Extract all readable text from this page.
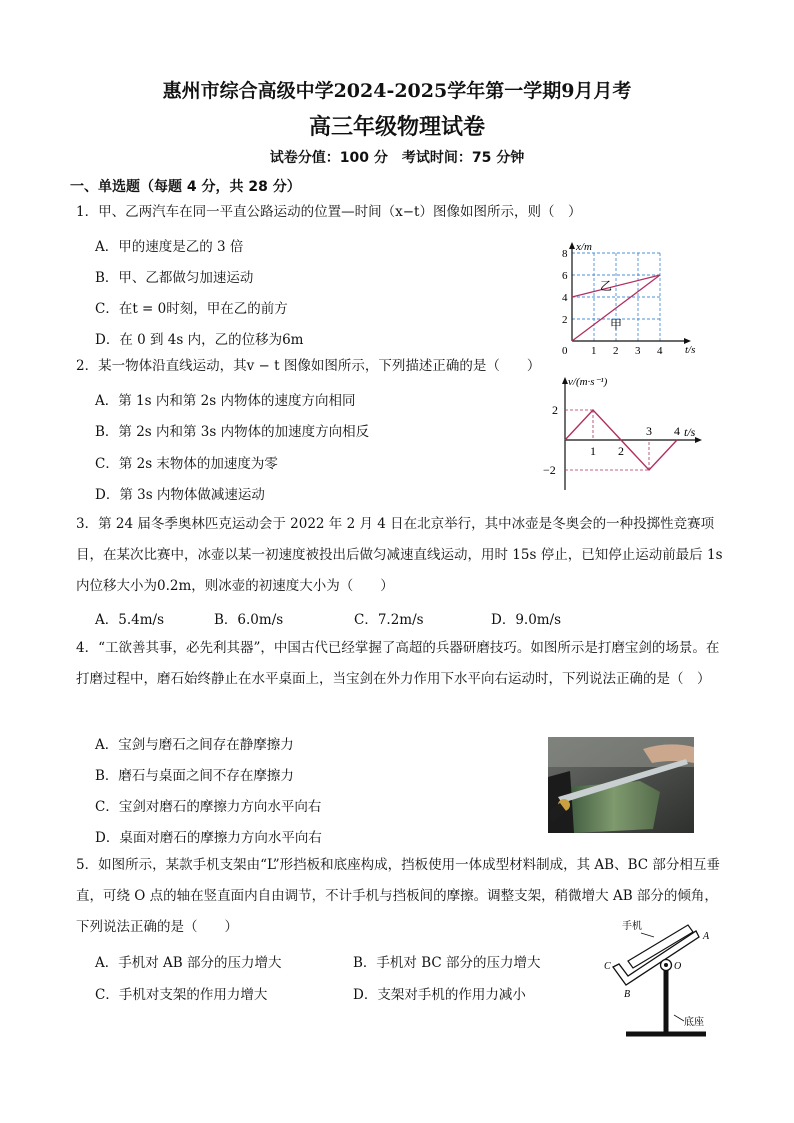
惠州市综合高级中学2024-2025学年第一学期9月月考
高三年级物理试卷
试卷分值：100 分　考试时间：75 分钟
一、单选题（每题 4 分，共 28 分）
1．甲、乙两汽车在同一平直公路运动的位置—时间（x−t）图像如图所示，则（　）
A．甲的速度是乙的 3 倍
B．甲、乙都做匀加速运动
C．在t = 0时刻，甲在乙的前方
D．在 0 到 4s 内，乙的位移为6m
x/m
t/s
0 1 2 3 4
2
4
6
8
甲
乙
2．某一物体沿直线运动，其v − t 图像如图所示，下列描述正确的是（　　）
A．第 1s 内和第 2s 内物体的速度方向相同
B．第 2s 内和第 3s 内物体的加速度方向相反
C．第 2s 末物体的加速度为零
D．第 3s 内物体做减速运动
v/(m·s⁻¹)
t/s
1 2
3 4
2
−2
3．第 24 届冬季奥林匹克运动会于 2022 年 2 月 4 日在北京举行，其中冰壶是冬奥会的一种投掷性竞赛项目，在某次比赛中，冰壶以某一初速度被投出后做匀减速直线运动，用时 15s 停止，已知停止运动前最后 1s 内位移大小为0.2m，则冰壶的初速度大小为（　　）
A．5.4m/s	B．6.0m/s	C．7.2m/s	D．9.0m/s
4．“工欲善其事，必先利其器”，中国古代已经掌握了高超的兵器研磨技巧。如图所示是打磨宝剑的场景。在打磨过程中，磨石始终静止在水平桌面上，当宝剑在外力作用下水平向右运动时，下列说法正确的是（　）
A．宝剑与磨石之间存在静摩擦力
B．磨石与桌面之间不存在摩擦力
C．宝剑对磨石的摩擦力方向水平向右
D．桌面对磨石的摩擦力方向水平向右
5．如图所示，某款手机支架由“L”形挡板和底座构成，挡板使用一体成型材料制成，其 AB、BC 部分相互垂直，可绕 O 点的轴在竖直面内自由调节，不计手机与挡板间的摩擦。调整支架，稍微增大 AB 部分的倾角，下列说法正确的是（　　）
A．手机对 AB 部分的压力增大	B．手机对 BC 部分的压力增大
C．手机对支架的作用力增大	D．支架对手机的作用力减小
手机
底座
A
B
C	O
